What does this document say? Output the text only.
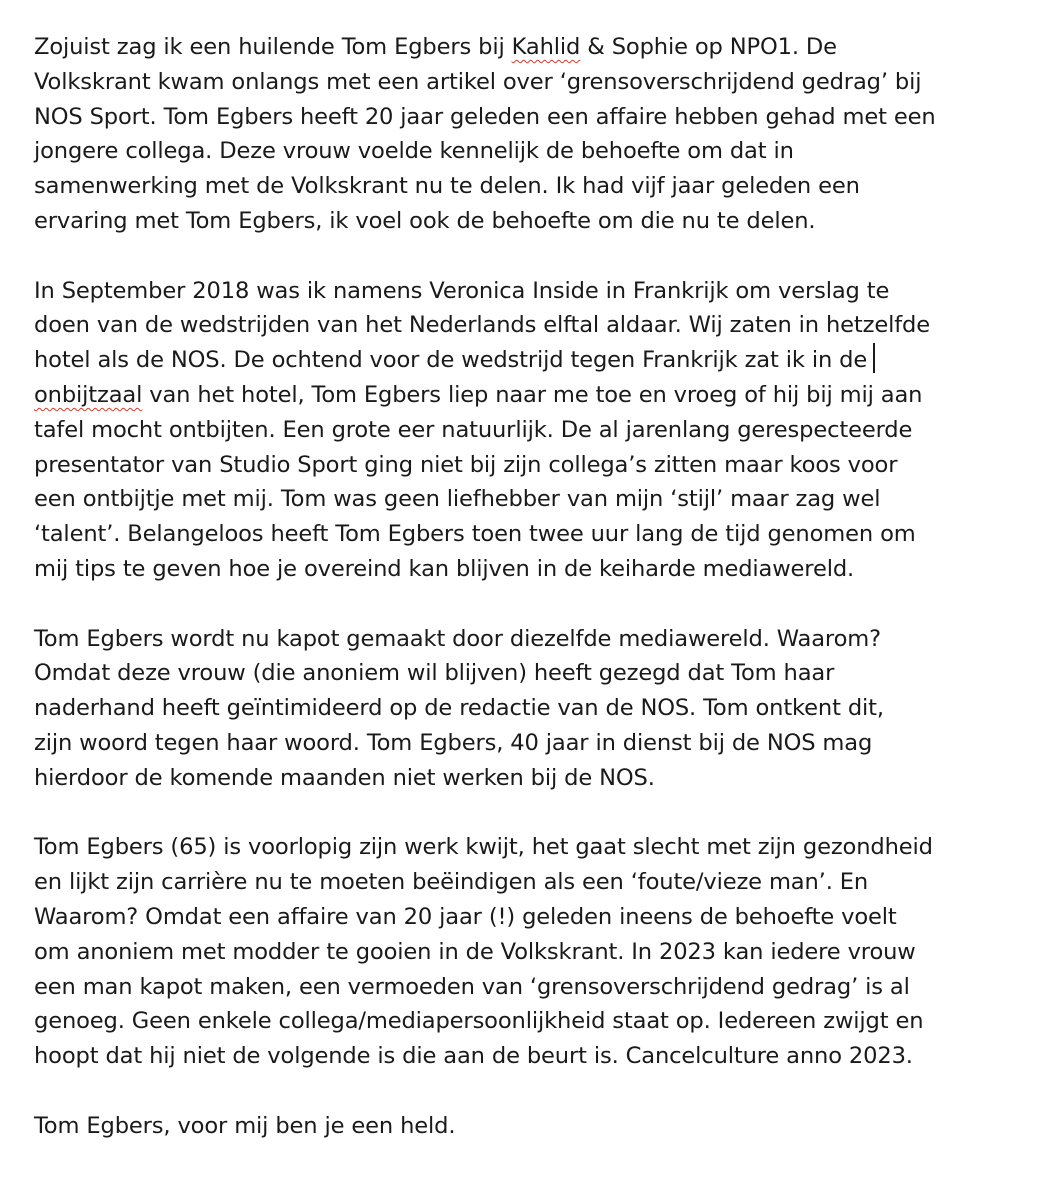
Zojuist zag ik een huilende Tom Egbers bij Kahlid & Sophie op NPO1. De
Volkskrant kwam onlangs met een artikel over ‘grensoverschrijdend gedrag’ bij
NOS Sport. Tom Egbers heeft 20 jaar geleden een affaire hebben gehad met een
jongere collega. Deze vrouw voelde kennelijk de behoefte om dat in
samenwerking met de Volkskrant nu te delen. Ik had vijf jaar geleden een
ervaring met Tom Egbers, ik voel ook de behoefte om die nu te delen.
In September 2018 was ik namens Veronica Inside in Frankrijk om verslag te
doen van de wedstrijden van het Nederlands elftal aldaar. Wij zaten in hetzelfde
hotel als de NOS. De ochtend voor de wedstrijd tegen Frankrijk zat ik in de
onbijtzaal van het hotel, Tom Egbers liep naar me toe en vroeg of hij bij mij aan
tafel mocht ontbijten. Een grote eer natuurlijk. De al jarenlang gerespecteerde
presentator van Studio Sport ging niet bij zijn collega’s zitten maar koos voor
een ontbijtje met mij. Tom was geen liefhebber van mijn ‘stijl’ maar zag wel
‘talent’. Belangeloos heeft Tom Egbers toen twee uur lang de tijd genomen om
mij tips te geven hoe je overeind kan blijven in de keiharde mediawereld.
Tom Egbers wordt nu kapot gemaakt door diezelfde mediawereld. Waarom?
Omdat deze vrouw (die anoniem wil blijven) heeft gezegd dat Tom haar
naderhand heeft geïntimideerd op de redactie van de NOS. Tom ontkent dit,
zijn woord tegen haar woord. Tom Egbers, 40 jaar in dienst bij de NOS mag
hierdoor de komende maanden niet werken bij de NOS.
Tom Egbers (65) is voorlopig zijn werk kwijt, het gaat slecht met zijn gezondheid
en lijkt zijn carrière nu te moeten beëindigen als een ‘foute/vieze man’. En
Waarom? Omdat een affaire van 20 jaar (!) geleden ineens de behoefte voelt
om anoniem met modder te gooien in de Volkskrant. In 2023 kan iedere vrouw
een man kapot maken, een vermoeden van ‘grensoverschrijdend gedrag’ is al
genoeg. Geen enkele collega/mediapersoonlijkheid staat op. Iedereen zwijgt en
hoopt dat hij niet de volgende is die aan de beurt is. Cancelculture anno 2023.
Tom Egbers, voor mij ben je een held.
